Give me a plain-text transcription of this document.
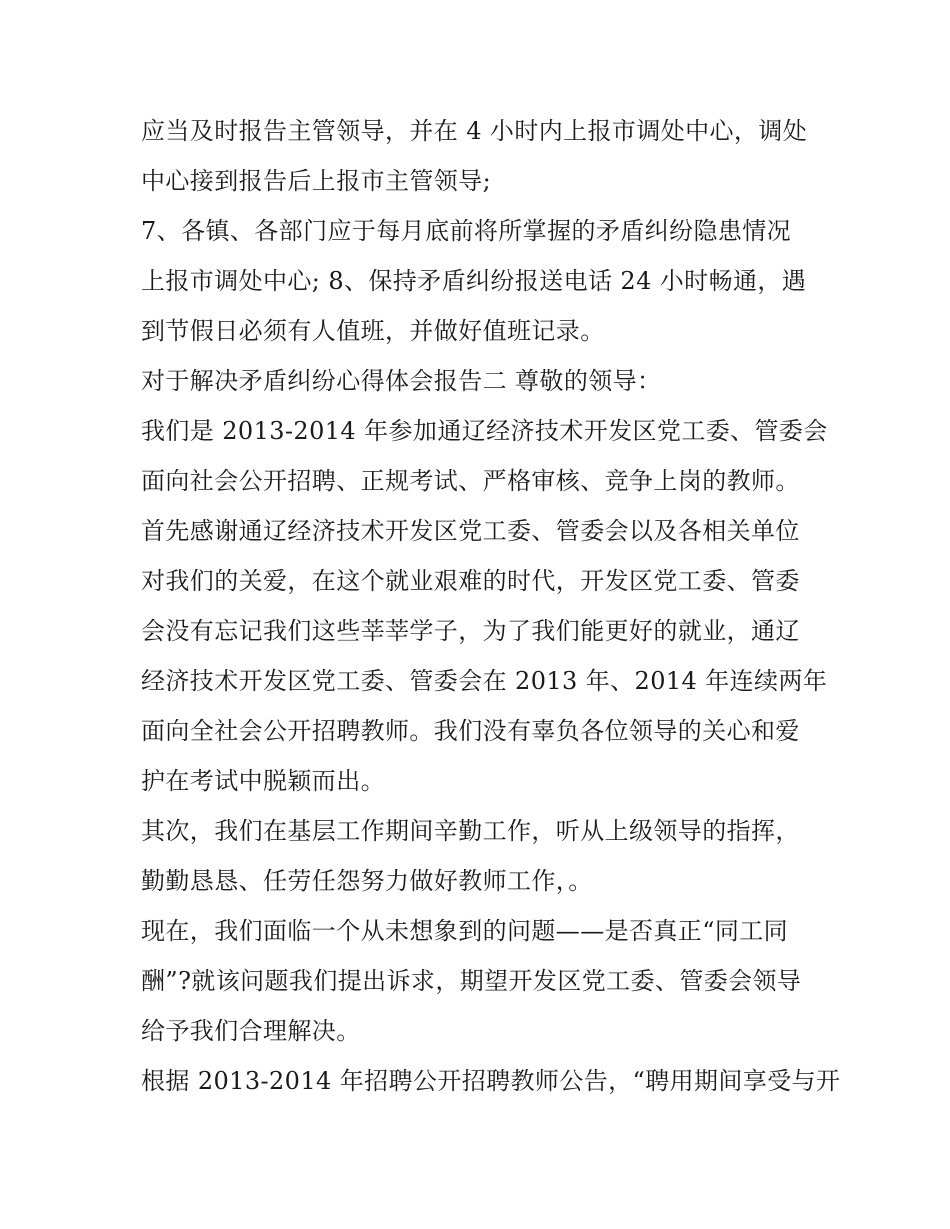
应当及时报告主管领导，并在 4 小时内上报市调处中心，调处
中心接到报告后上报市主管领导;
7、各镇、各部门应于每月底前将所掌握的矛盾纠纷隐患情况
上报市调处中心; 8、保持矛盾纠纷报送电话 24 小时畅通，遇
到节假日必须有人值班，并做好值班记录。
对于解决矛盾纠纷心得体会报告二 尊敬的领导：
我们是 2013-2014 年参加通辽经济技术开发区党工委、管委会
面向社会公开招聘、正规考试、严格审核、竞争上岗的教师。
首先感谢通辽经济技术开发区党工委、管委会以及各相关单位
对我们的关爱，在这个就业艰难的时代，开发区党工委、管委
会没有忘记我们这些莘莘学子，为了我们能更好的就业，通辽
经济技术开发区党工委、管委会在 2013 年、2014 年连续两年
面向全社会公开招聘教师。我们没有辜负各位领导的关心和爱
护在考试中脱颖而出。
其次，我们在基层工作期间辛勤工作，听从上级领导的指挥，
勤勤恳恳、任劳任怨努力做好教师工作，。
现在，我们面临一个从未想象到的问题——是否真正“同工同
酬”?就该问题我们提出诉求，期望开发区党工委、管委会领导
给予我们合理解决。
根据 2013-2014 年招聘公开招聘教师公告，“聘用期间享受与开
